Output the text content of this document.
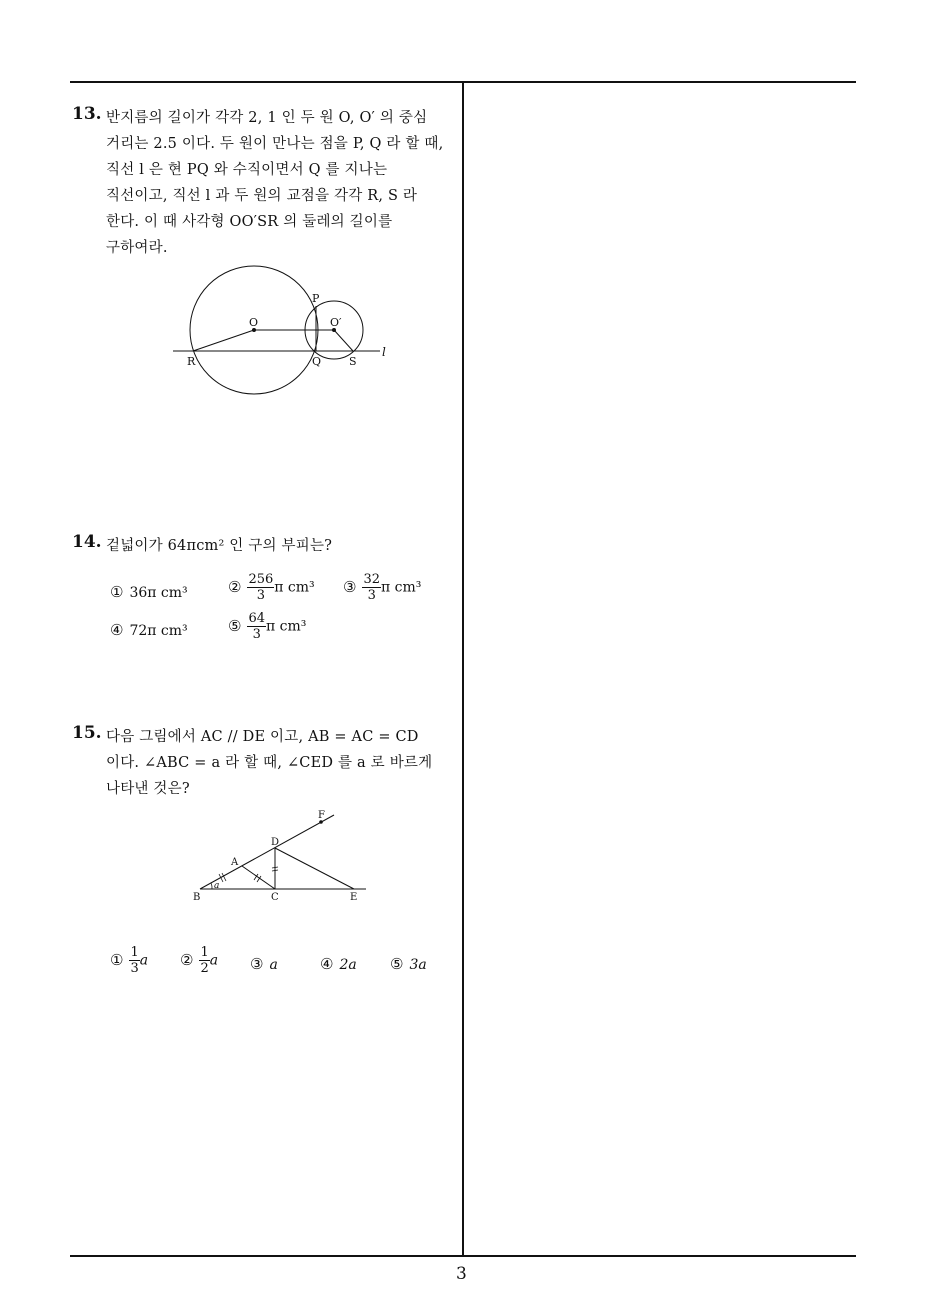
13. 반지름의 길이가 각각 2, 1 인 두 원 O, O′ 의 중심
거리는 2.5 이다. 두 원이 만나는 점을 P, Q 라 할 때,
직선 l 은 현 PQ 와 수직이면서 Q 를 지나는
직선이고, 직선 l 과 두 원의 교점을 각각 R, S 라
한다. 이 때 사각형 OO′SR 의 둘레의 길이를
구하여라.
O	O′
P
Q
R	S
l
14. 겉넓이가 64πcm² 인 구의 부피는?
① 36π cm³	② $\frac{256}{3}$ π cm³ ③ $\frac{32}{3}$ π cm³
④ 72π cm³	⑤ $\frac{64}{3}$ π cm³
15. 다음 그림에서 AC // DE 이고, AB = AC = CD
이다. ∠ABC = a 라 할 때, ∠CED 를 a 로 바르게
나타낸 것은?
A
B	C
D
E
F
a
① $\frac{1}{3}$ a ② $\frac{1}{2}$ a ③ a	④ 2a ⑤ 3a
3
